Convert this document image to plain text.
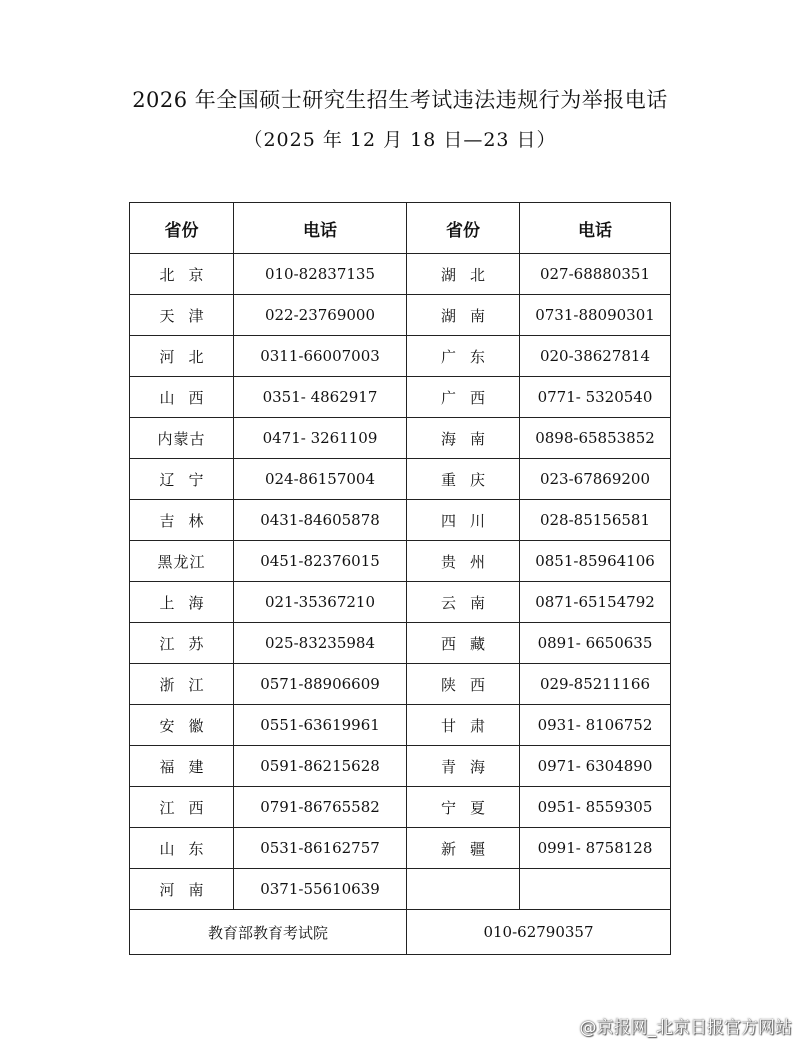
2026 年全国硕士研究生招生考试违法违规行为举报电话
（2025 年 12 月 18 日—23 日）
省份	电话	省份	电话
北京	010-82837135	湖北	027-68880351
天津	022-23769000	湖南	0731-88090301
河北	0311-66007003	广东	020-38627814
山西	0351- 4862917	广西	0771- 5320540
内蒙古	0471- 3261109	海南	0898-65853852
辽宁	024-86157004	重庆	023-67869200
吉林	0431-84605878	四川	028-85156581
黑龙江	0451-82376015	贵州	0851-85964106
上海	021-35367210	云南	0871-65154792
江苏	025-83235984	西藏	0891- 6650635
浙江	0571-88906609	陕西	029-85211166
安徽	0551-63619961	甘肃	0931- 8106752
福建	0591-86215628	青海	0971- 6304890
江西	0791-86765582	宁夏	0951- 8559305
山东	0531-86162757	新疆	0991- 8758128
河南	0371-55610639		
教育部教育考试院		010-62790357	
@京报网_北京日报官方网站
